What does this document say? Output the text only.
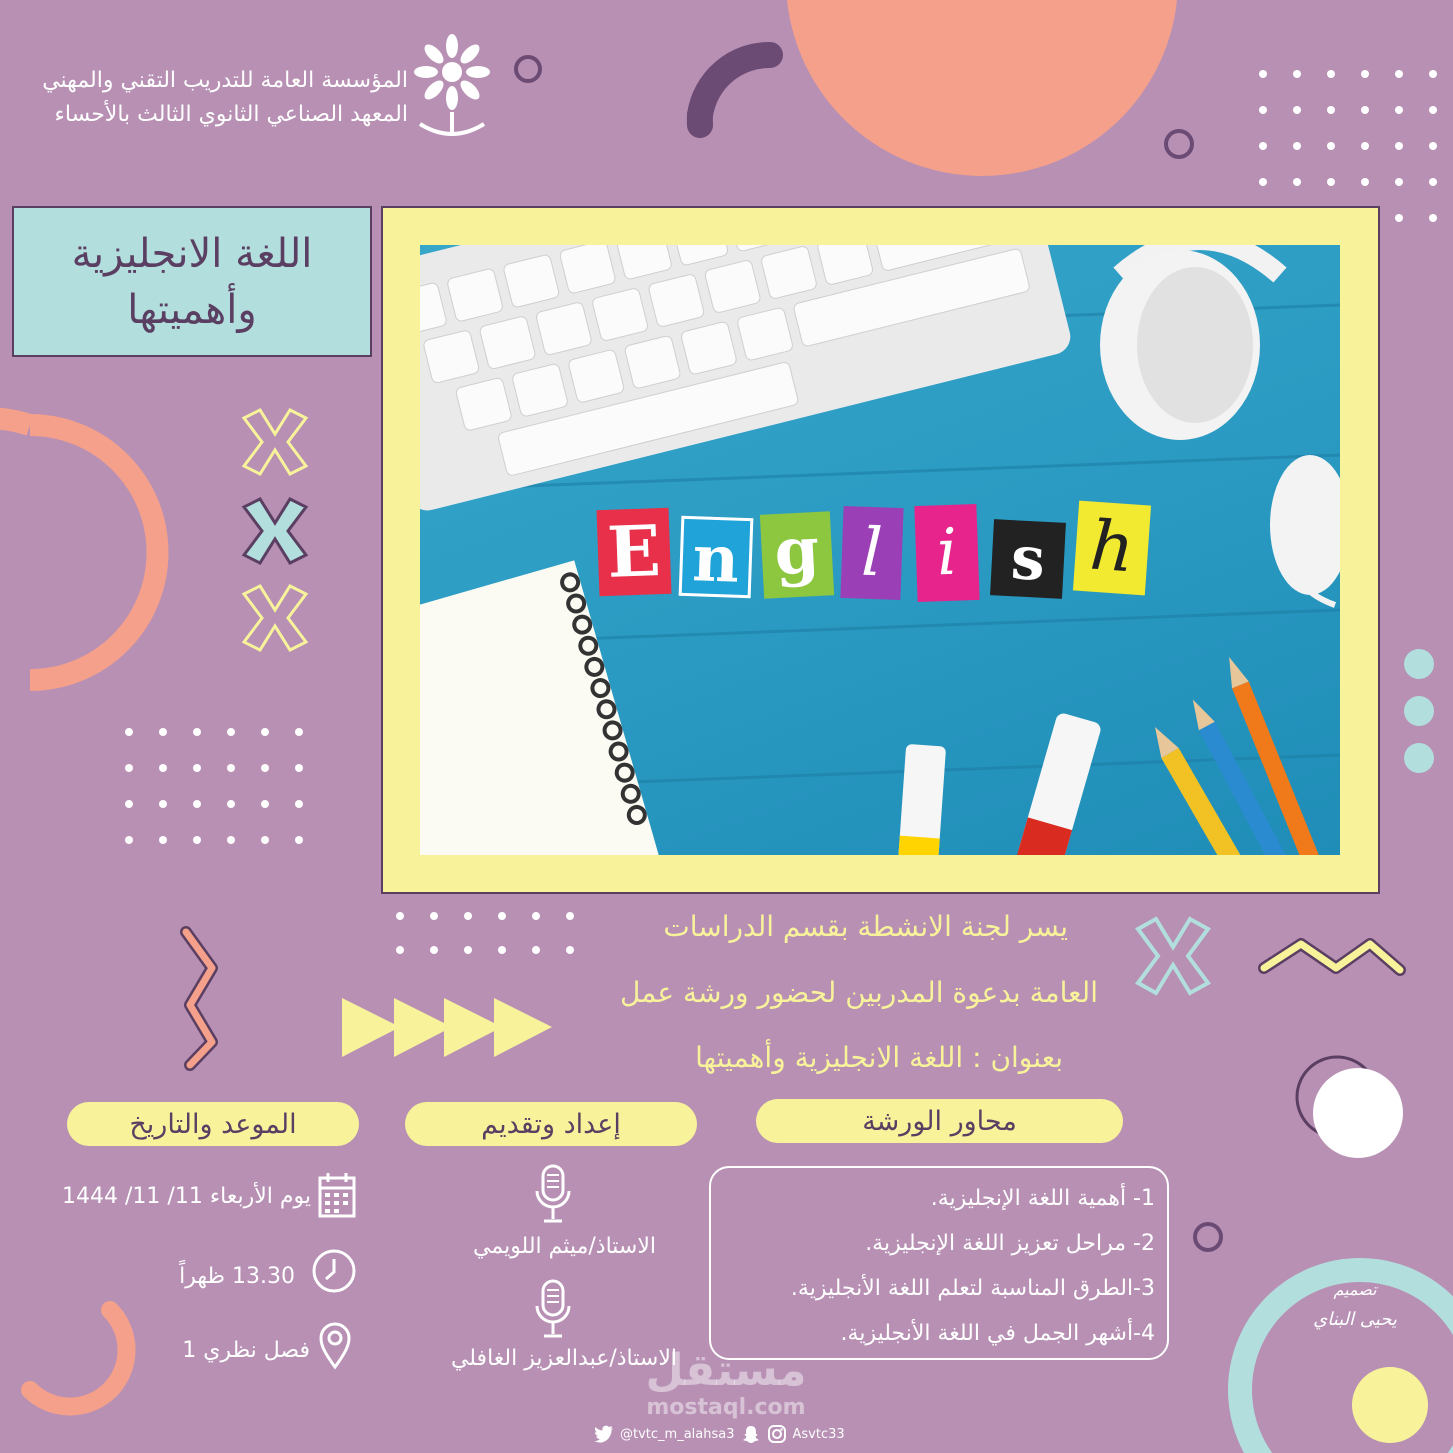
المؤسسة العامة للتدريب التقني والمهني
المعهد الصناعي الثانوي الثالث بالأحساء
اللغة الانجليزية
وأهميتها
E n g l i s h
يسر لجنة الانشطة بقسم الدراسات
العامة بدعوة المدربين لحضور ورشة عمل
بعنوان : اللغة الانجليزية وأهميتها
الموعد والتاريخ	إعداد وتقديم	محاور الورشة
يوم الأربعاء 11/ 11/ 1444
13.30 ظهراً
فصل نظري 1
الاستاذ/ميثم اللويمي
الاستاذ/عبدالعزيز الغافلي
1- أهمية اللغة الإنجليزية.
2- مراحل تعزيز اللغة الإنجليزية.
3-الطرق المناسبة لتعلم اللغة الأنجليزية.
4-أشهر الجمل في اللغة الأنجليزية.
تصميم
يحيى البناي
مستقل
mostaql.com
@tvtc_m_alahsa3	Asvtc33
